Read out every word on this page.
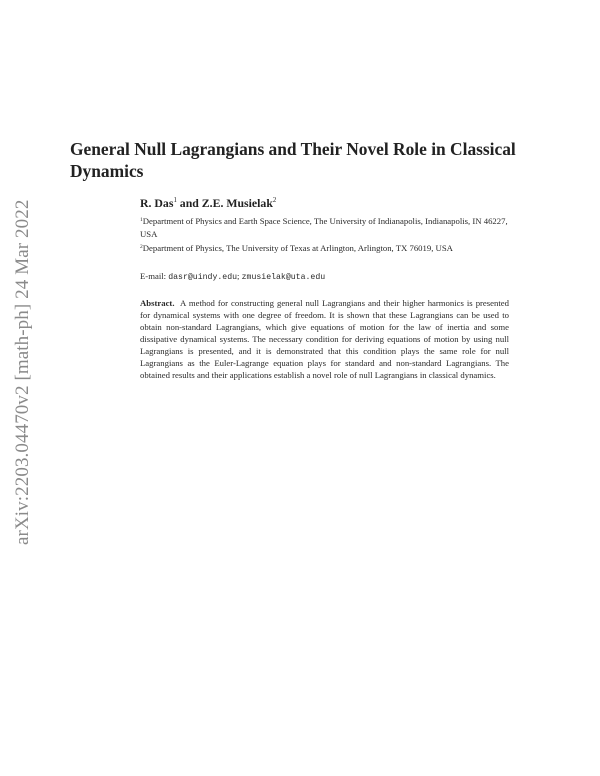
arXiv:2203.04470v2 [math-ph] 24 Mar 2022
General Null Lagrangians and Their Novel Role in Classical Dynamics

R. Das$^1$ and Z.E. Musielak$^2$

$^1$Department of Physics and Earth Space Science, The University of Indianapolis, Indianapolis, IN 46227, USA

$^2$Department of Physics, The University of Texas at Arlington, Arlington, TX 76019, USA

E-mail: dasr@uindy.edu; zmusielak@uta.edu

Abstract. A method for constructing general null Lagrangians and their higher harmonics is presented for dynamical systems with one degree of freedom. It is shown that these Lagrangians can be used to obtain non-standard Lagrangians, which give equations of motion for the law of inertia and some dissipative dynamical systems. The necessary condition for deriving equations of motion by using null Lagrangians is presented, and it is demonstrated that this condition plays the same role for null Lagrangians as the Euler-Lagrange equation plays for standard and non-standard Lagrangians. The obtained results and their applications establish a novel role of null Lagrangians in classical dynamics.
